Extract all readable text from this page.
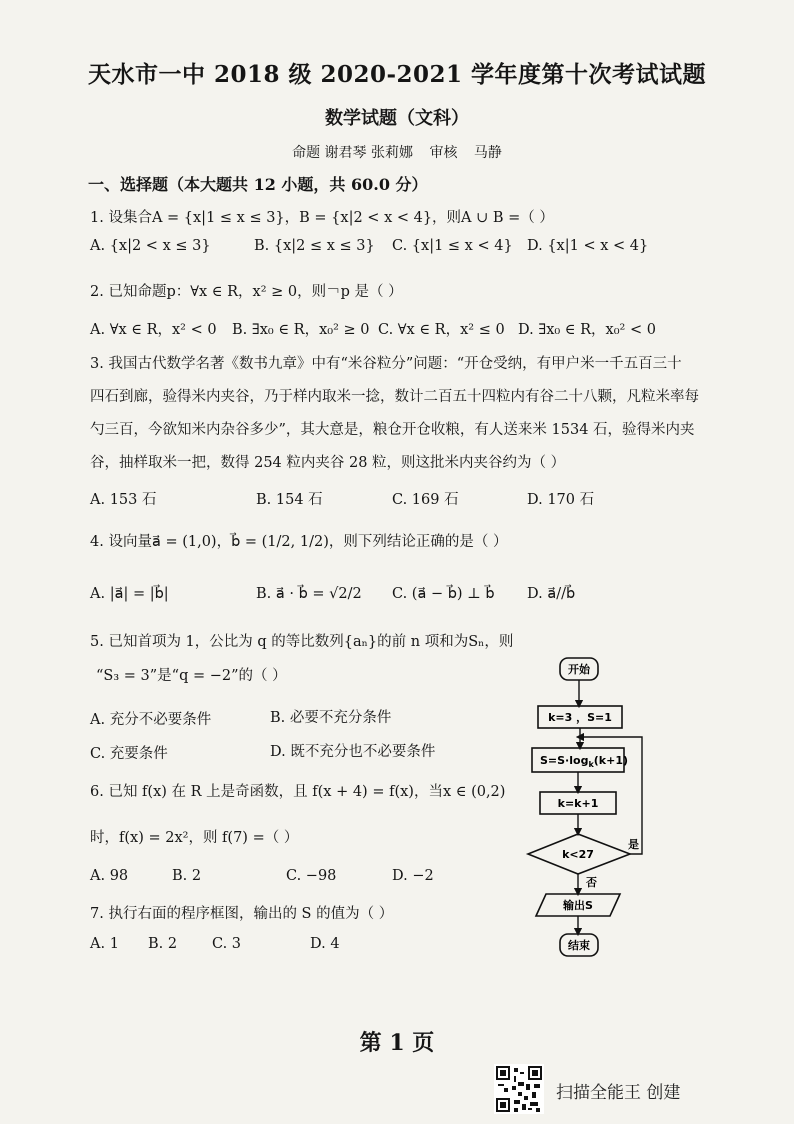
天水市一中 2018 级 2020-2021 学年度第十次考试试题
数学试题（文科）
命题 谢君琴 张莉娜 审核 马静
一、选择题（本大题共 12 小题，共 60.0 分）
1. 设集合A = {x|1 ≤ x ≤ 3}，B = {x|2 < x < 4}，则A ∪ B =（ ）
A. {x|2 < x ≤ 3}	B. {x|2 ≤ x ≤ 3} C. {x|1 ≤ x < 4} D. {x|1 < x < 4}
2. 已知命题p：∀x ∈ R，x² ≥ 0，则￢p 是（ ）
A. ∀x ∈ R，x² < 0 B. ∃x₀ ∈ R，x₀² ≥ 0 C. ∀x ∈ R，x² ≤ 0 D. ∃x₀ ∈ R，x₀² < 0
3. 我国古代数学名著《数书九章》中有“米谷粒分”问题：“开仓受纳，有甲户米一千五百三十
四石到廊，验得米内夹谷，乃于样内取米一捻，数计二百五十四粒内有谷二十八颗，凡粒米率每
勺三百，今欲知米内杂谷多少”，其大意是，粮仓开仓收粮，有人送来米 1534 石，验得米内夹
谷，抽样取米一把，数得 254 粒内夹谷 28 粒，则这批米内夹谷约为（ ）
A. 153 石	B. 154 石	C. 169 石	D. 170 石
4. 设向量a⃗ = (1,0)，b⃗ = (1/2, 1/2)，则下列结论正确的是（ ）
A. |a⃗| = |b⃗|	B. a⃗ · b⃗ = √2/2 C. (a⃗ − b⃗) ⊥ b⃗ D. a⃗//b⃗
5. 已知首项为 1，公比为 q 的等比数列{aₙ}的前 n 项和为Sₙ，则
“S₃ = 3”是“q = −2”的（ ）
A. 充分不必要条件	B. 必要不充分条件
C. 充要条件	D. 既不充分也不必要条件
6. 已知 f(x) 在 R 上是奇函数，且 f(x + 4) = f(x)，当x ∈ (0,2)
时，f(x) = 2x²，则 f(7) =（ ）
A. 98	B. 2	C. −98	D. −2
7. 执行右面的程序框图，输出的 S 的值为（ ）
A. 1 B. 2 C. 3	D. 4
开始
k=3 ，S=1
$S=S\cdot\log_k(k+1)$
k=k+1
k<27
是
否
输出S
结束
第 1 页
扫描全能王 创建
